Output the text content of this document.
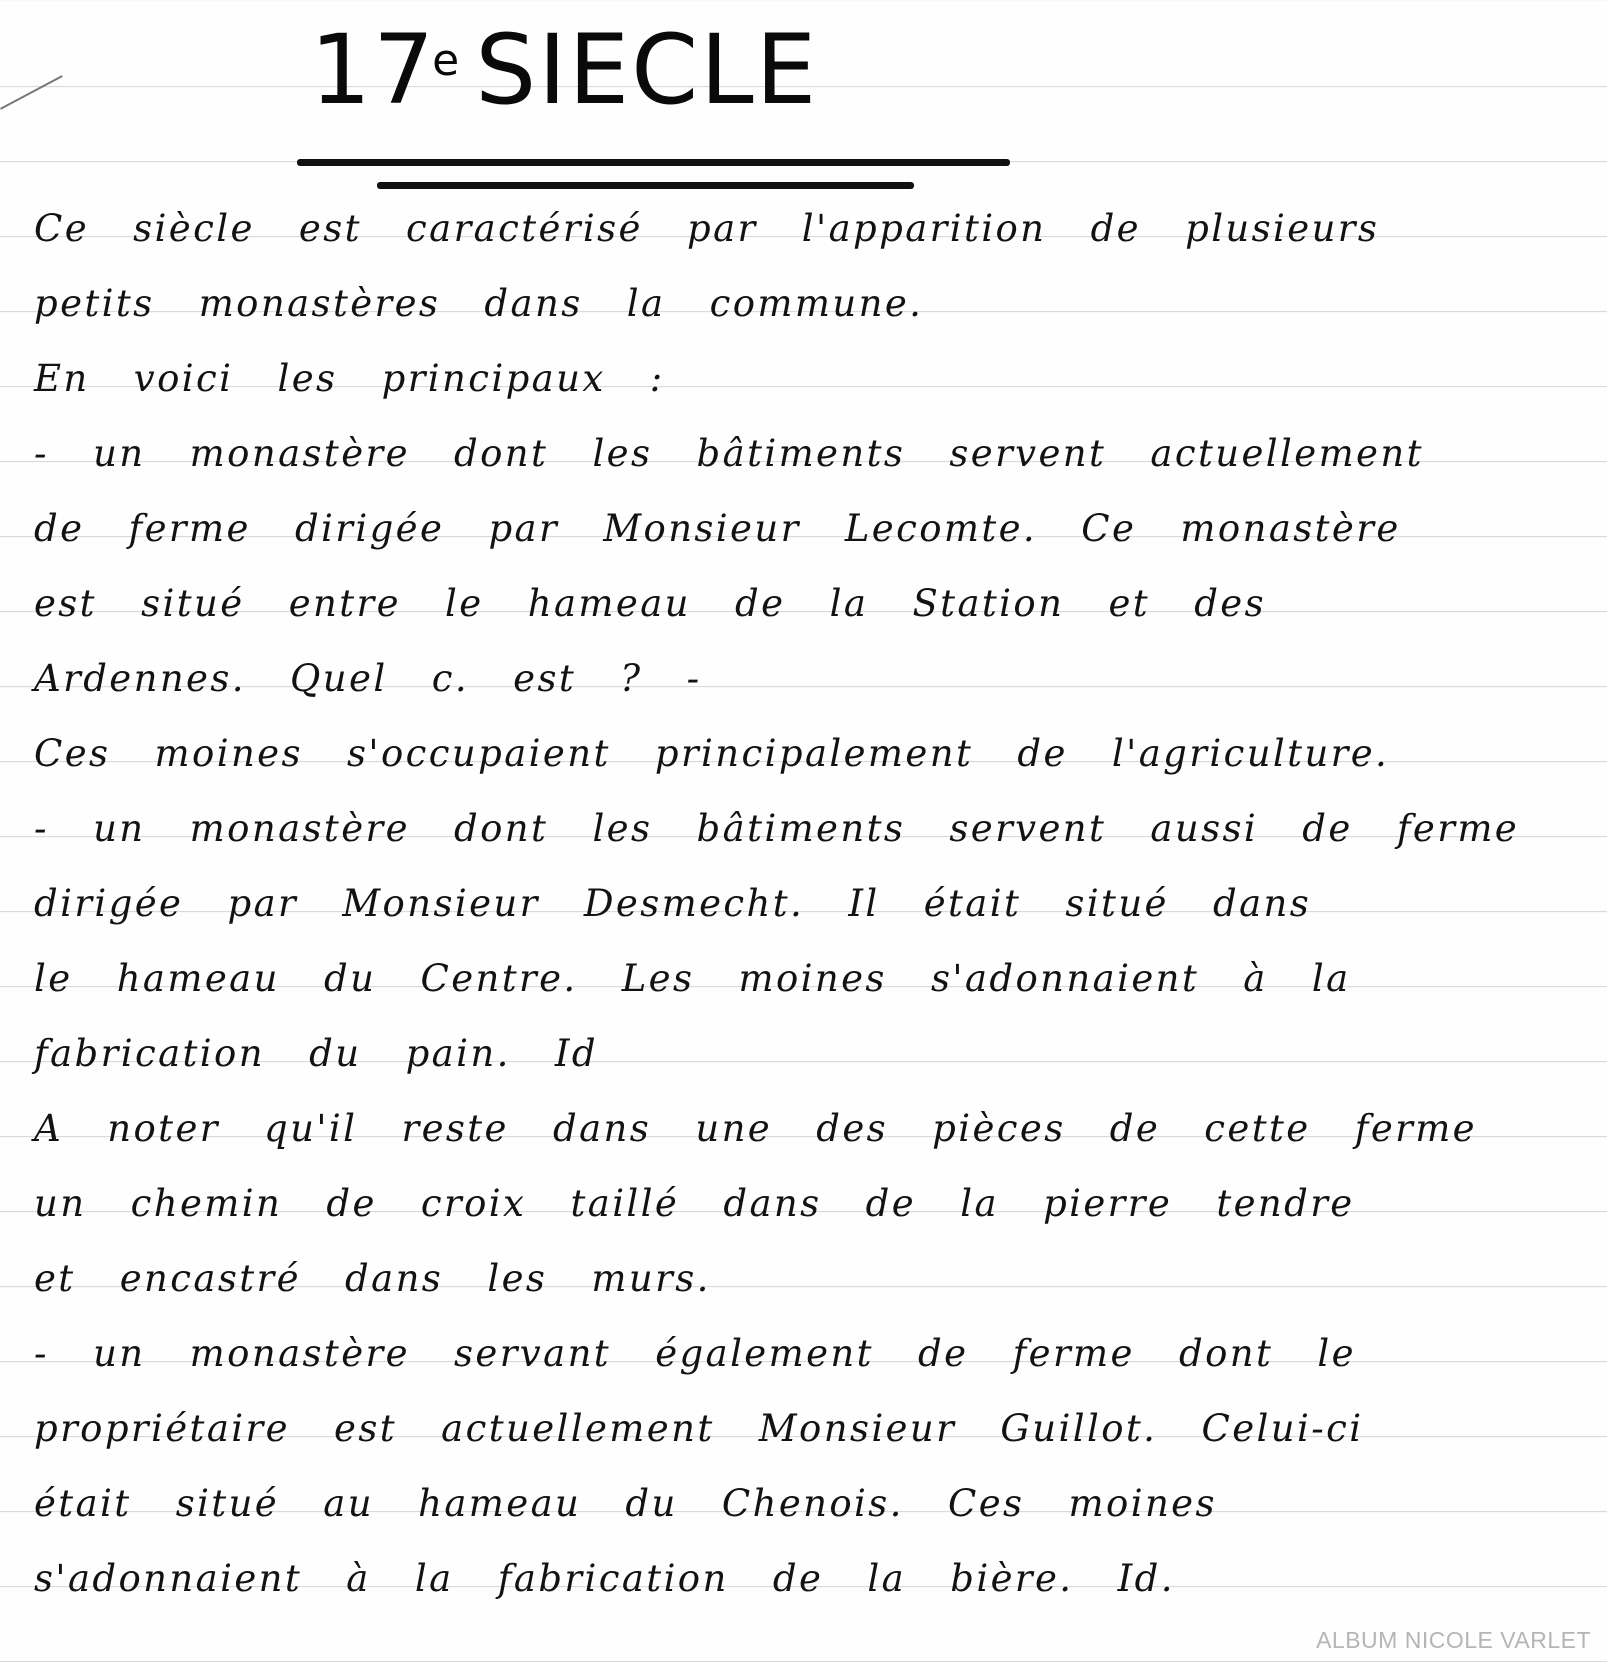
17e SIECLE
Ce siècle est caractérisé par l'apparition de plusieurs
petits monastères dans la commune.
En voici les principaux :
- un monastère dont les bâtiments servent actuellement
de ferme dirigée par Monsieur Lecomte. Ce monastère
est situé entre le hameau de la Station et des
Ardennes. Quel c. est ? -
Ces moines s'occupaient principalement de l'agriculture.
- un monastère dont les bâtiments servent aussi de ferme
dirigée par Monsieur Desmecht. Il était situé dans
le hameau du Centre. Les moines s'adonnaient à la
fabrication du pain. Id
A noter qu'il reste dans une des pièces de cette ferme
un chemin de croix taillé dans de la pierre tendre
et encastré dans les murs.
- un monastère servant également de ferme dont le
propriétaire est actuellement Monsieur Guillot. Celui-ci
était situé au hameau du Chenois. Ces moines
s'adonnaient à la fabrication de la bière. Id.
ALBUM NICOLE VARLET
